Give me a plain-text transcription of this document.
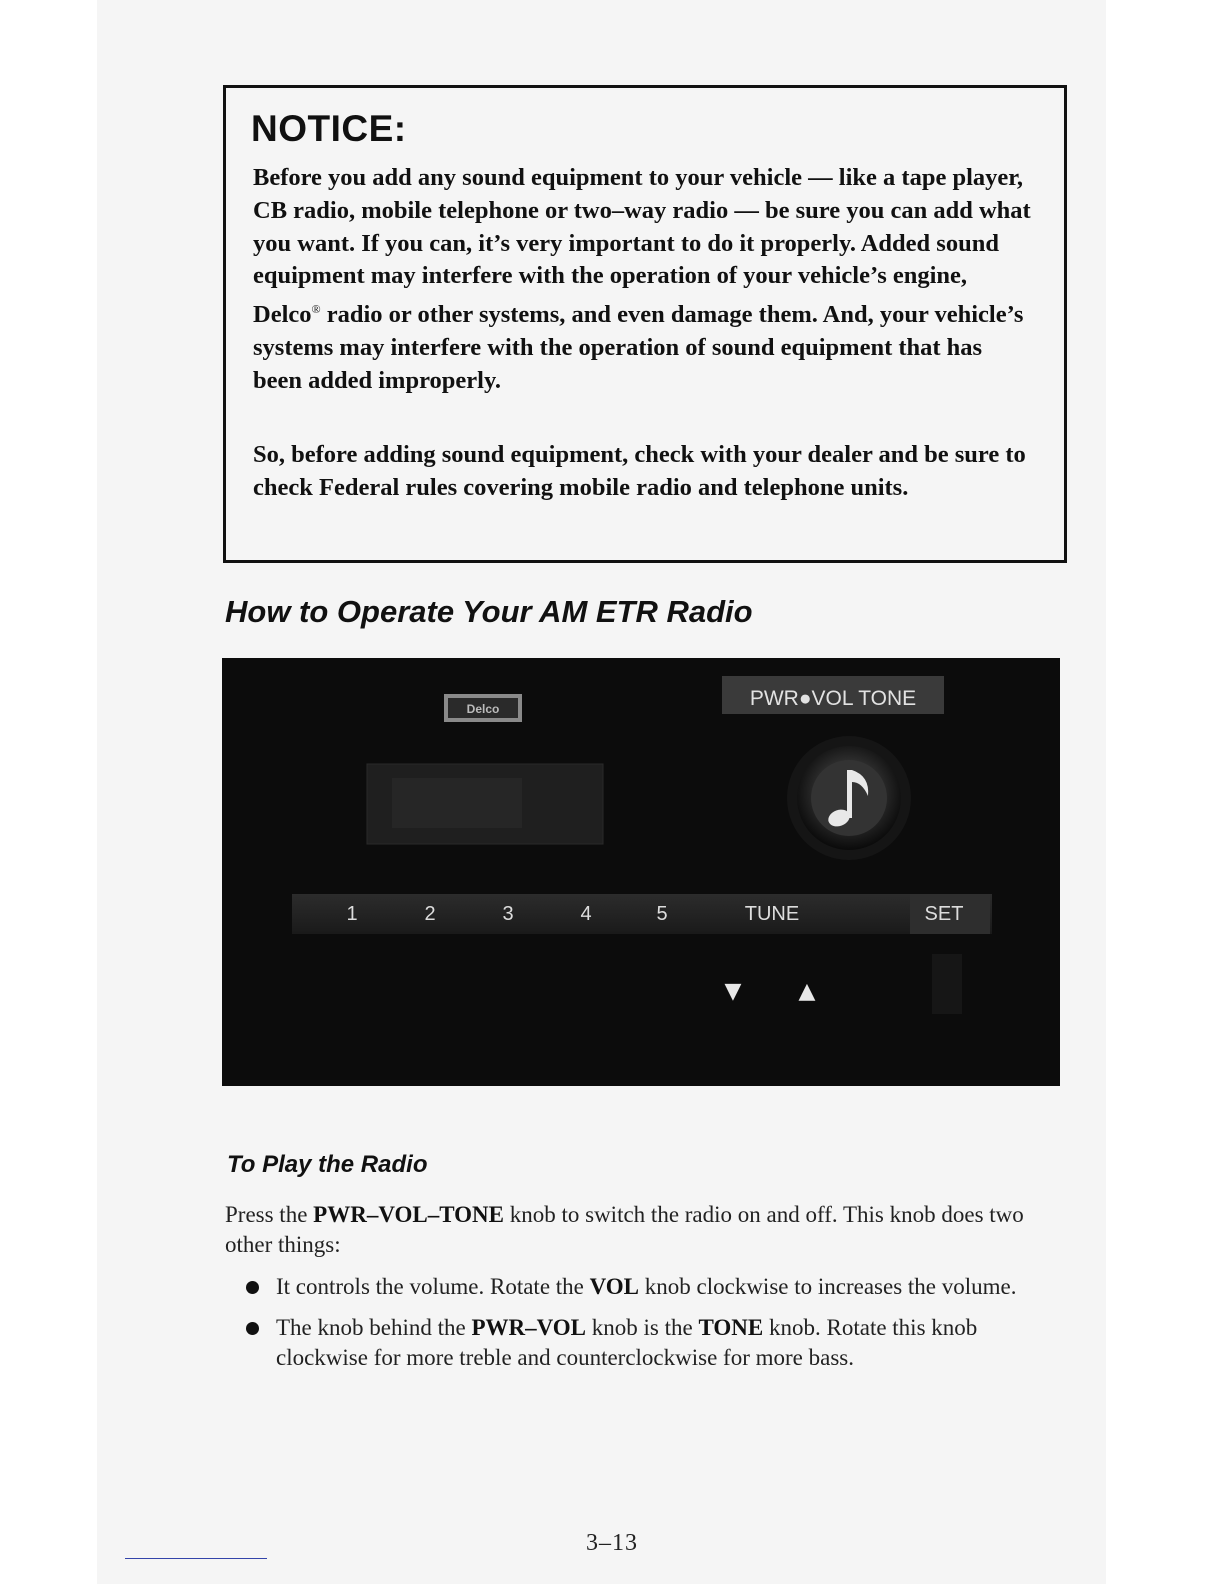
NOTICE:

Before you add any sound equipment to your vehicle — like a tape player, CB radio, mobile telephone or two–way radio — be sure you can add what you want. If you can, it’s very important to do it properly. Added sound equipment may interfere with the operation of your vehicle’s engine, Delco® radio or other systems, and even damage them. And, your vehicle’s systems may interfere with the operation of sound equipment that has been added improperly.

So, before adding sound equipment, check with your dealer and be sure to check Federal rules covering mobile radio and telephone units.

How to Operate Your AM ETR Radio
Delco	PWR●VOL TONE
1	2	3	4	5	TUNE	SET
▼	▲
To Play the Radio

Press the PWR–VOL–TONE knob to switch the radio on and off. This knob does two other things:

It controls the volume. Rotate the VOL knob clockwise to increases the volume.
The knob behind the PWR–VOL knob is the TONE knob. Rotate this knob clockwise for more treble and counterclockwise for more bass.
3–13
